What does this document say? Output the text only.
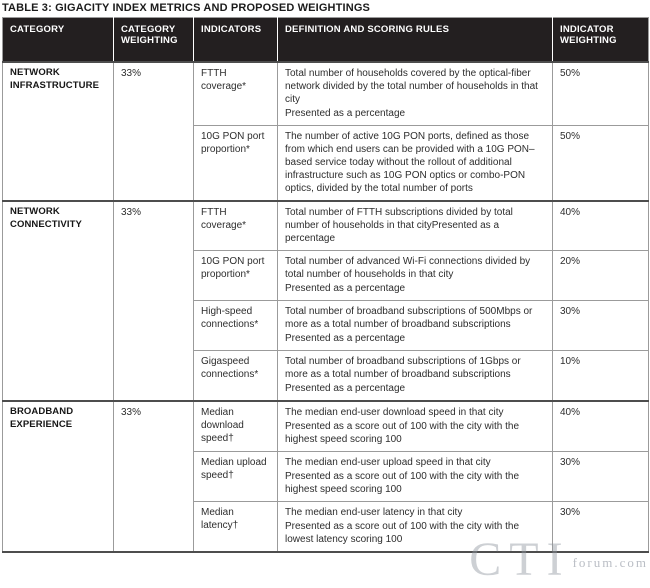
TABLE 3: GIGACITY INDEX METRICS AND PROPOSED WEIGHTINGS
CATEGORY	CATEGORY WEIGHTING	INDICATORS	DEFINITION AND SCORING RULES	INDICATOR WEIGHTING
NETWORK INFRASTRUCTURE	33%	FTTH coverage*	Total number of households covered by the optical-fiber network divided by the total number of households in that city
Presented as a percentage	50%
		10G PON port proportion*	The number of active 10G PON ports, defined as those from which end users can be provided with a 10G PON–based service today without the rollout of additional infrastructure such as 10G PON optics or combo-PON optics, divided by the total number of ports	50%
NETWORK CONNECTIVITY	33%	FTTH coverage*	Total number of FTTH subscriptions divided by total number of households in that cityPresented as a percentage	40%
		10G PON port proportion*	Total number of advanced Wi-Fi connections divided by total number of households in that city
Presented as a percentage	20%
		High-speed connections*	Total number of broadband subscriptions of 500Mbps or more as a total number of broadband subscriptions
Presented as a percentage	30%
		Gigaspeed connections*	Total number of broadband subscriptions of 1Gbps or more as a total number of broadband subscriptions
Presented as a percentage	10%
BROADBAND EXPERIENCE	33%	Median download speed†	The median end-user download speed in that city
Presented as a score out of 100 with the city with the highest speed scoring 100	40%
		Median upload speed†	The median end-user upload speed in that city
Presented as a score out of 100 with the city with the highest speed scoring 100	30%
		Median latency†	The median end-user latency in that city
Presented as a score out of 100 with the city with the lowest latency scoring 100	30%
CTI forum.com
